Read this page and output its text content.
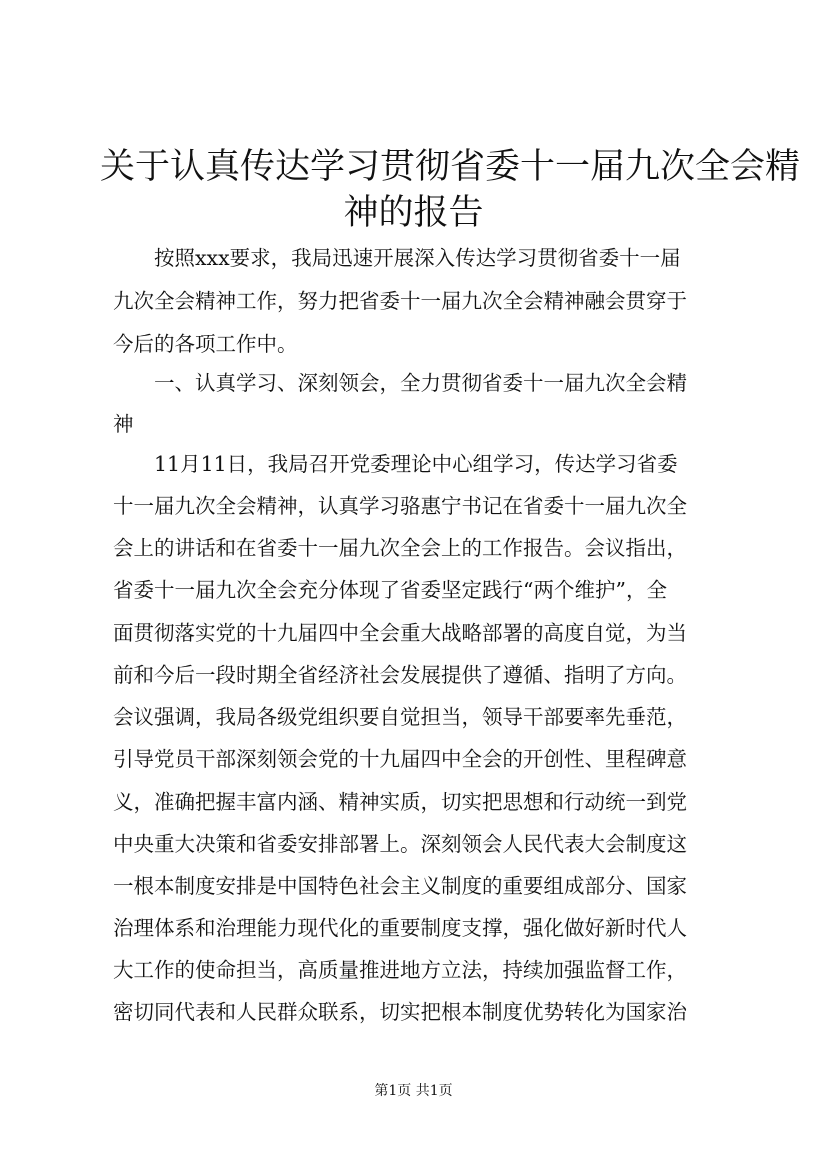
关于认真传达学习贯彻省委十一届九次全会精
神的报告
按照xxx要求，我局迅速开展深入传达学习贯彻省委十一届
九次全会精神工作，努力把省委十一届九次全会精神融会贯穿于
今后的各项工作中。
一、认真学习、深刻领会，全力贯彻省委十一届九次全会精
神
11月11日，我局召开党委理论中心组学习，传达学习省委
十一届九次全会精神，认真学习骆惠宁书记在省委十一届九次全
会上的讲话和在省委十一届九次全会上的工作报告。会议指出，
省委十一届九次全会充分体现了省委坚定践行“两个维护”，全
面贯彻落实党的十九届四中全会重大战略部署的高度自觉，为当
前和今后一段时期全省经济社会发展提供了遵循、指明了方向。
会议强调，我局各级党组织要自觉担当，领导干部要率先垂范，
引导党员干部深刻领会党的十九届四中全会的开创性、里程碑意
义，准确把握丰富内涵、精神实质，切实把思想和行动统一到党
中央重大决策和省委安排部署上。深刻领会人民代表大会制度这
一根本制度安排是中国特色社会主义制度的重要组成部分、国家
治理体系和治理能力现代化的重要制度支撑，强化做好新时代人
大工作的使命担当，高质量推进地方立法，持续加强监督工作，
密切同代表和人民群众联系，切实把根本制度优势转化为国家治
第1页 共1页
